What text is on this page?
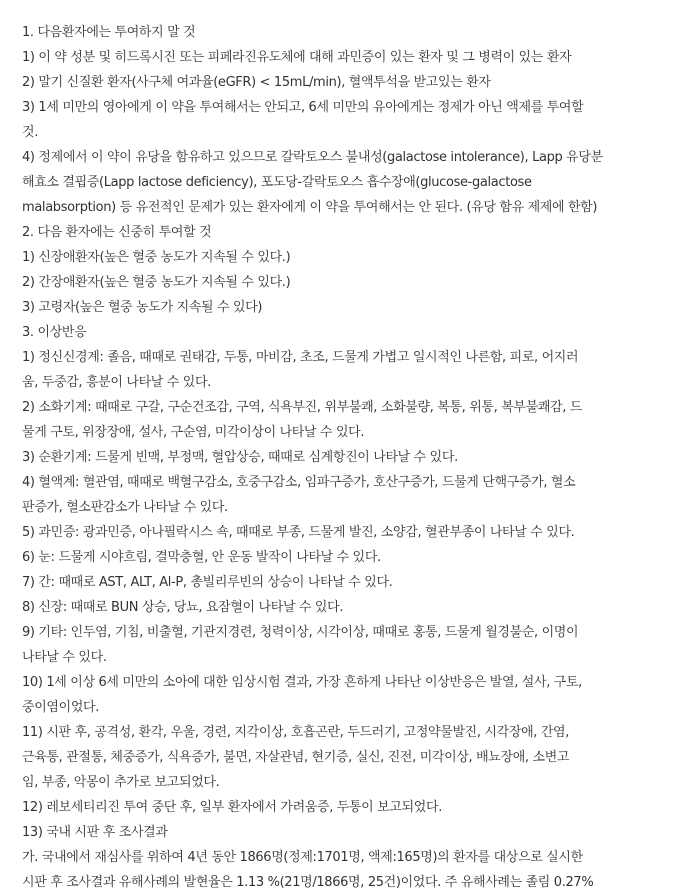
1. 다음환자에는 투여하지 말 것
1) 이 약 성분 및 히드록시진 또는 피페라진유도체에 대해 과민증이 있는 환자 및 그 병력이 있는 환자
2) 말기 신질환 환자(사구체 여과율(eGFR) < 15mL/min), 혈액투석을 받고있는 환자
3) 1세 미만의 영아에게 이 약을 투여해서는 안되고, 6세 미만의 유아에게는 정제가 아닌 액제를 투여할
것.
4) 정제에서 이 약이 유당을 함유하고 있으므로 갈락토오스 불내성(galactose intolerance), Lapp 유당분
해효소 결핍증(Lapp lactose deficiency), 포도당-갈락토오스 흡수장애(glucose-galactose
malabsorption) 등 유전적인 문제가 있는 환자에게 이 약을 투여해서는 안 된다. (유당 함유 제제에 한함)
2. 다음 환자에는 신중히 투여할 것
1) 신장애환자(높은 혈중 농도가 지속될 수 있다.)
2) 간장애환자(높은 혈중 농도가 지속될 수 있다.)
3) 고령자(높은 혈중 농도가 지속될 수 있다)
3. 이상반응
1) 정신신경계: 졸음, 때때로 권태감, 두통, 마비감, 초조, 드물게 가볍고 일시적인 나른함, 피로, 어지러
움, 두중감, 흥분이 나타날 수 있다.
2) 소화기계: 때때로 구갈, 구순건조감, 구역, 식욕부진, 위부불쾌, 소화불량, 복통, 위통, 복부불쾌감, 드
물게 구토, 위장장애, 설사, 구순염, 미각이상이 나타날 수 있다.
3) 순환기계: 드물게 빈맥, 부정맥, 혈압상승, 때때로 심계항진이 나타날 수 있다.
4) 혈액계: 혈관염, 때때로 백혈구감소, 호중구감소, 임파구증가, 호산구증가, 드물게 단핵구증가, 혈소
판증가, 혈소판감소가 나타날 수 있다.
5) 과민증: 광과민증, 아나필락시스 쇽, 때때로 부종, 드물게 발진, 소양감, 혈관부종이 나타날 수 있다.
6) 눈: 드물게 시야흐림, 결막충혈, 안 운동 발작이 나타날 수 있다.
7) 간: 때때로 AST, ALT, Al-P, 총빌리루빈의 상승이 나타날 수 있다.
8) 신장: 때때로 BUN 상승, 당뇨, 요잠혈이 나타날 수 있다.
9) 기타: 인두염, 기침, 비출혈, 기관지경련, 청력이상, 시각이상, 때때로 홍통, 드물게 월경불순, 이명이
나타날 수 있다.
10) 1세 이상 6세 미만의 소아에 대한 임상시험 결과, 가장 흔하게 나타난 이상반응은 발열, 설사, 구토,
중이염이었다.
11) 시판 후, 공격성, 환각, 우울, 경련, 지각이상, 호흡곤란, 두드러기, 고정약물발진, 시각장애, 간염,
근육통, 관절통, 체중증가, 식욕증가, 불면, 자살관념, 현기증, 실신, 진전, 미각이상, 배뇨장애, 소변고
임, 부종, 악몽이 추가로 보고되었다.
12) 레보세티리진 투여 중단 후, 일부 환자에서 가려움증, 두통이 보고되었다.
13) 국내 시판 후 조사결과
가. 국내에서 재심사를 위하여 4년 동안 1866명(정제:1701명, 액제:165명)의 환자를 대상으로 실시한
시판 후 조사결과 유해사례의 발현율은 1.13 %(21명/1866명, 25건)이었다. 주 유해사례는 졸림 0.27%
